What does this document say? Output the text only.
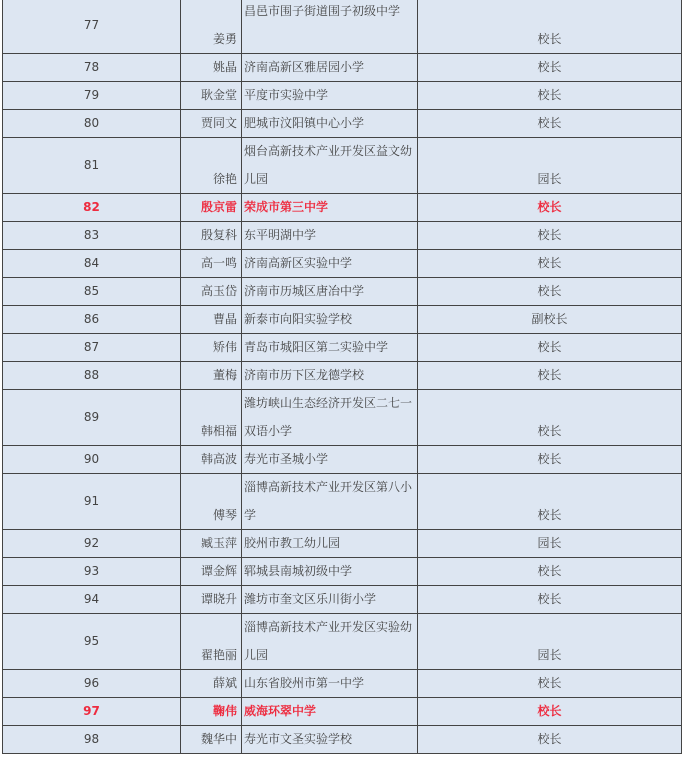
77	姜勇	昌邑市围子街道围子初级中学	校长
78	姚晶	济南高新区雅居园小学	校长
79	耿金堂	平度市实验中学	校长
80	贾同文	肥城市汶阳镇中心小学	校长
81	徐艳	烟台高新技术产业开发区益文幼儿园	园长
82	殷京雷	荣成市第三中学	校长
83	殷复科	东平明湖中学	校长
84	高一鸣	济南高新区实验中学	校长
85	高玉岱	济南市历城区唐冶中学	校长
86	曹晶	新泰市向阳实验学校	副校长
87	矫伟	青岛市城阳区第二实验中学	校长
88	董梅	济南市历下区龙德学校	校长
89	韩相福	潍坊峡山生态经济开发区二七一双语小学	校长
90	韩高波	寿光市圣城小学	校长
91	傅琴	淄博高新技术产业开发区第八小学	校长
92	臧玉萍	胶州市教工幼儿园	园长
93	谭金辉	郓城县南城初级中学	校长
94	谭晓升	潍坊市奎文区乐川街小学	校长
95	翟艳丽	淄博高新技术产业开发区实验幼儿园	园长
96	薛斌	山东省胶州市第一中学	校长
97	鞠伟	威海环翠中学	校长
98	魏华中	寿光市文圣实验学校	校长
